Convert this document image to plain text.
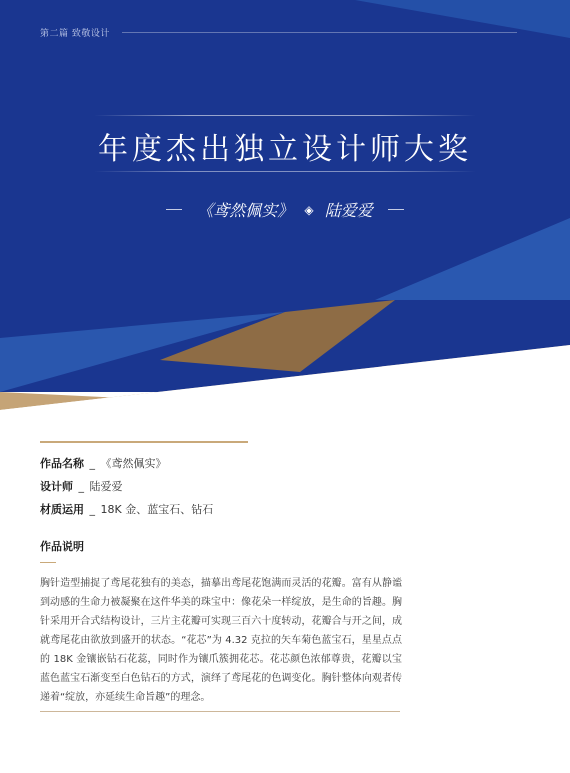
第二篇 致敬设计
年度杰出独立设计师大奖
《鸢然佩实》 ◈ 陆爱爱
作品名称 _ 《鸢然佩实》
设计师 _ 陆爱爱
材质运用 _ 18K 金、蓝宝石、钻石
作品说明
胸针造型捕捉了鸢尾花独有的美态，描摹出鸢尾花饱满而灵活的花瓣。富有从静谧到动感的生命力被凝聚在这件华美的珠宝中：像花朵一样绽放，是生命的旨趣。胸针采用开合式结构设计，三片主花瓣可实现三百六十度转动，花瓣合与开之间，成就鸢尾花由欲放到盛开的状态。“花芯”为 4.32 克拉的矢车菊色蓝宝石，星星点点的 18K 金镶嵌钻石花蕊，同时作为镶爪簇拥花芯。花芯颜色浓郁尊贵，花瓣以宝蓝色蓝宝石渐变至白色钻石的方式，演绎了鸢尾花的色调变化。胸针整体向观者传递着“绽放，亦延续生命旨趣”的理念。
